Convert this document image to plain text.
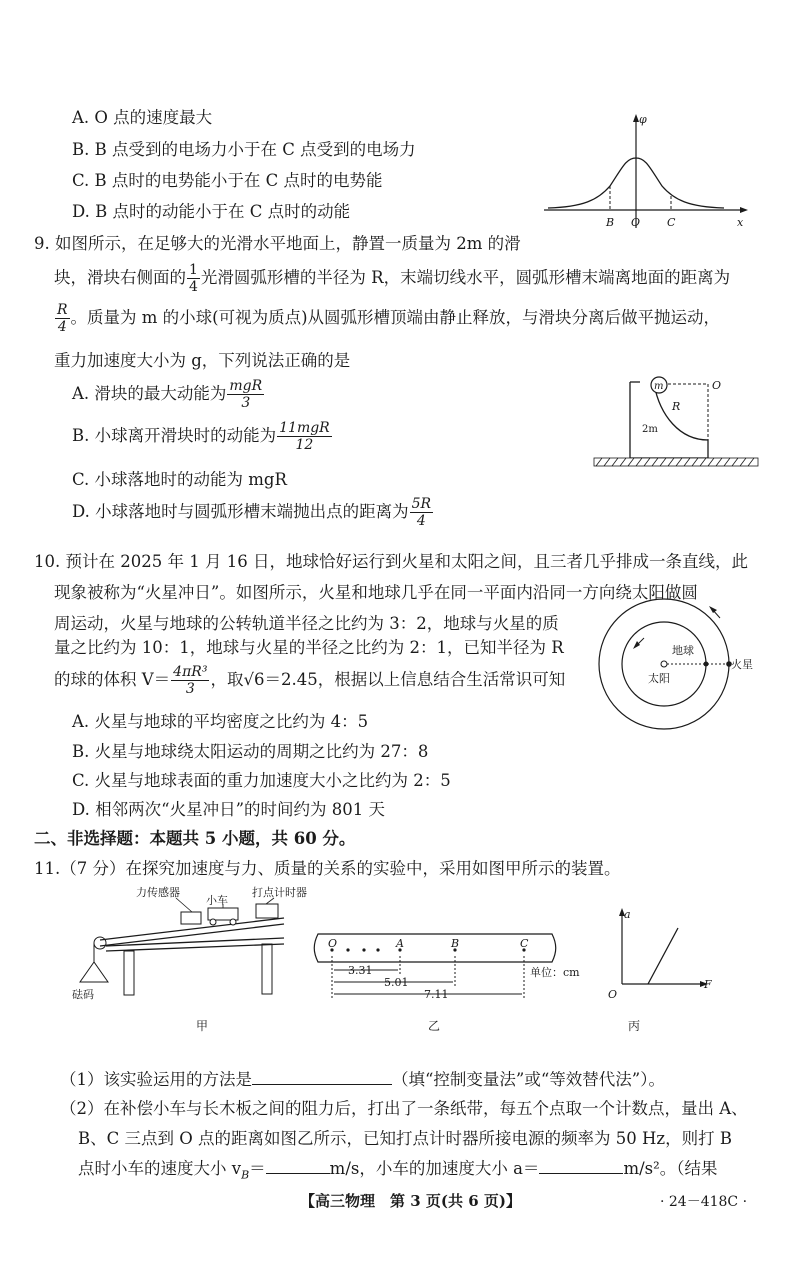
A. O 点的速度最大
B. B 点受到的电场力小于在 C 点受到的电场力
C. B 点时的电势能小于在 C 点时的电势能
D. B 点时的动能小于在 C 点时的动能
φ
x
B O C
9. 如图所示，在足够大的光滑水平地面上，静置一质量为 2m 的滑
块，滑块右侧面的 $\frac{1}{4}$ 光滑圆弧形槽的半径为 R，末端切线水平，圆弧形槽末端离地面的距离为
$\frac{R}{4}$ 。质量为 m 的小球(可视为质点)从圆弧形槽顶端由静止释放，与滑块分离后做平抛运动，
重力加速度大小为 g，下列说法正确的是
A. 滑块的最大动能为 $\frac{\text{mgR}}{3}$
B. 小球离开滑块时的动能为 $\frac{\text{11mgR}}{12}$
C. 小球落地时的动能为 mgR
D. 小球落地时与圆弧形槽末端抛出点的距离为 $\frac{5R}{4}$
m	O
R
2m
10. 预计在 2025 年 1 月 16 日，地球恰好运行到火星和太阳之间，且三者几乎排成一条直线，此
现象被称为“火星冲日”。如图所示，火星和地球几乎在同一平面内沿同一方向绕太阳做圆
周运动，火星与地球的公转轨道半径之比约为 3：2，地球与火星的质
量之比约为 10：1，地球与火星的半径之比约为 2：1，已知半径为 R
的球的体积 $V= \frac{\text{4πR³}}{3}$ ，取√6＝2.45，根据以上信息结合生活常识可知
A. 火星与地球的平均密度之比约为 4：5
B. 火星与地球绕太阳运动的周期之比约为 27：8
C. 火星与地球表面的重力加速度大小之比约为 2：5
D. 相邻两次“火星冲日”的时间约为 801 天
地球
太阳
火星
二、非选择题：本题共 5 小题，共 60 分。
11.（7 分）在探究加速度与力、质量的关系的实验中，采用如图甲所示的装置。
力传感器
小车
打点计时器
砝码
甲
O	A	B	C
3.31
5.01
7.11
单位：cm
乙
a
F
O
丙
（1）该实验运用的方法是	（填“控制变量法”或“等效替代法”）。
（2）在补偿小车与长木板之间的阻力后，打出了一条纸带，每五个点取一个计数点，量出 A、
B、C 三点到 O 点的距离如图乙所示，已知打点计时器所接电源的频率为 50 Hz，则打 B
点时小车的速度大小 $v_B=$	m/s，小车的加速度大小 a＝	m/s²。（结果
【高三物理　第 3 页(共 6 页)】	· 24－418C ·
